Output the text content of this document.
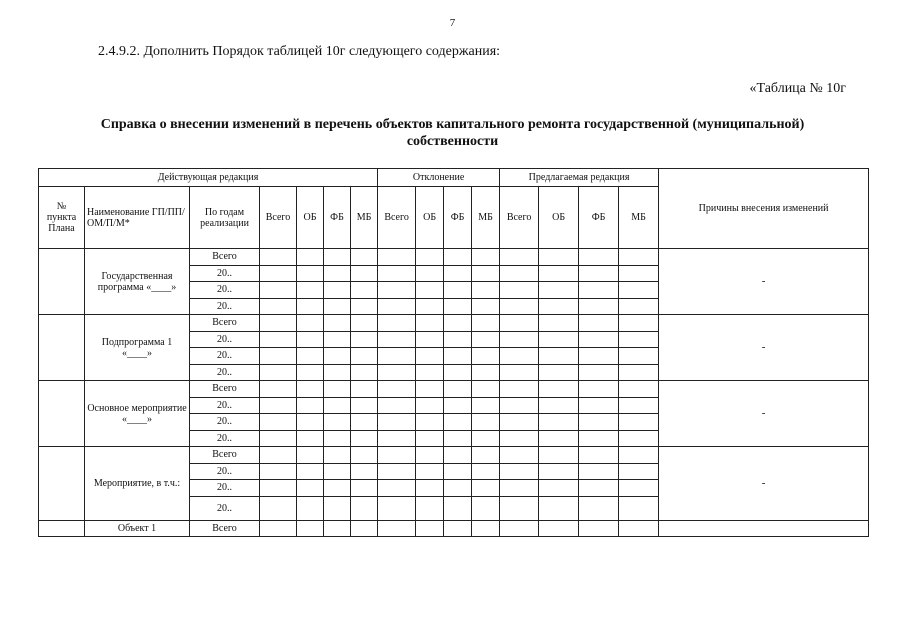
7
2.4.9.2. Дополнить Порядок таблицей 10г следующего содержания:
«Таблица № 10г
Справка о внесении изменений в перечень объектов капитального ремонта государственной (муниципальной)
собственности
Действующая редакция							Отклонение				Предлагаемая редакция				Причины внесения изменений
№ пункта Плана	Наименование ГП/ПП/ОМ/П/М*	По годам реализации	Всего	ОБ	ФБ	МБ	Всего	ОБ	ФБ	МБ	Всего	ОБ	ФБ	МБ	
	Государственная программа «____»	Всего													-
		20..													
		20..													
		20..													
	Подпрограмма 1 «____»	Всего													-
		20..													
		20..													
		20..													
	Основное мероприятие «____»	Всего													-
		20..													
		20..													
		20..													
	Мероприятие, в т.ч.:	Всего													-
		20..													
		20..													
		20..													
	Объект 1	Всего													
